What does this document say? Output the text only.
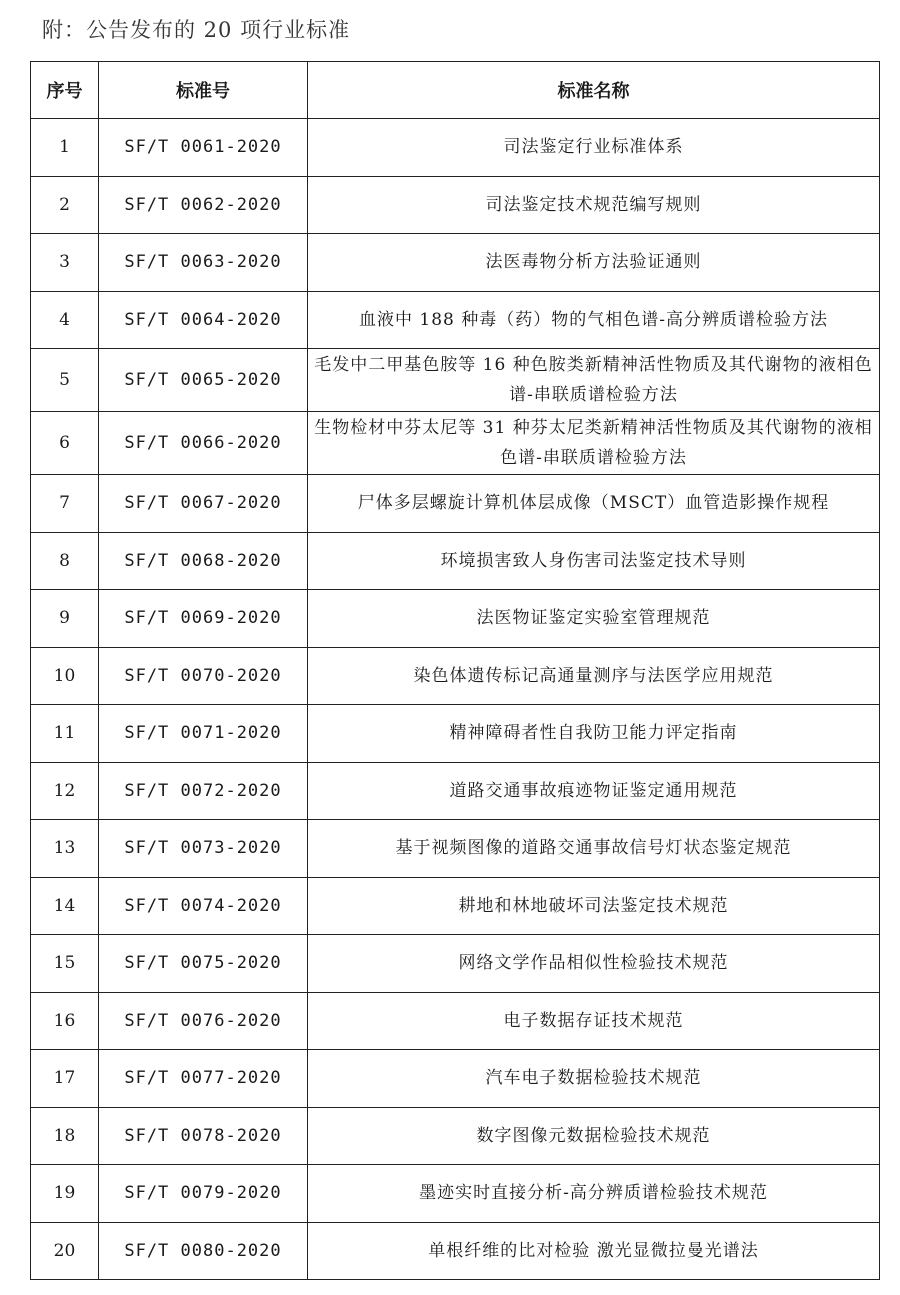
附：公告发布的 20 项行业标准
序号	标准号	标准名称
1	SF/T 0061-2020	司法鉴定行业标准体系
2	SF/T 0062-2020	司法鉴定技术规范编写规则
3	SF/T 0063-2020	法医毒物分析方法验证通则
4	SF/T 0064-2020	血液中 188 种毒（药）物的气相色谱-高分辨质谱检验方法
5	SF/T 0065-2020	毛发中二甲基色胺等 16 种色胺类新精神活性物质及其代谢物的液相色谱-串联质谱检验方法
6	SF/T 0066-2020	生物检材中芬太尼等 31 种芬太尼类新精神活性物质及其代谢物的液相色谱-串联质谱检验方法
7	SF/T 0067-2020	尸体多层螺旋计算机体层成像（MSCT）血管造影操作规程
8	SF/T 0068-2020	环境损害致人身伤害司法鉴定技术导则
9	SF/T 0069-2020	法医物证鉴定实验室管理规范
10	SF/T 0070-2020	染色体遗传标记高通量测序与法医学应用规范
11	SF/T 0071-2020	精神障碍者性自我防卫能力评定指南
12	SF/T 0072-2020	道路交通事故痕迹物证鉴定通用规范
13	SF/T 0073-2020	基于视频图像的道路交通事故信号灯状态鉴定规范
14	SF/T 0074-2020	耕地和林地破坏司法鉴定技术规范
15	SF/T 0075-2020	网络文学作品相似性检验技术规范
16	SF/T 0076-2020	电子数据存证技术规范
17	SF/T 0077-2020	汽车电子数据检验技术规范
18	SF/T 0078-2020	数字图像元数据检验技术规范
19	SF/T 0079-2020	墨迹实时直接分析-高分辨质谱检验技术规范
20	SF/T 0080-2020	单根纤维的比对检验 激光显微拉曼光谱法
